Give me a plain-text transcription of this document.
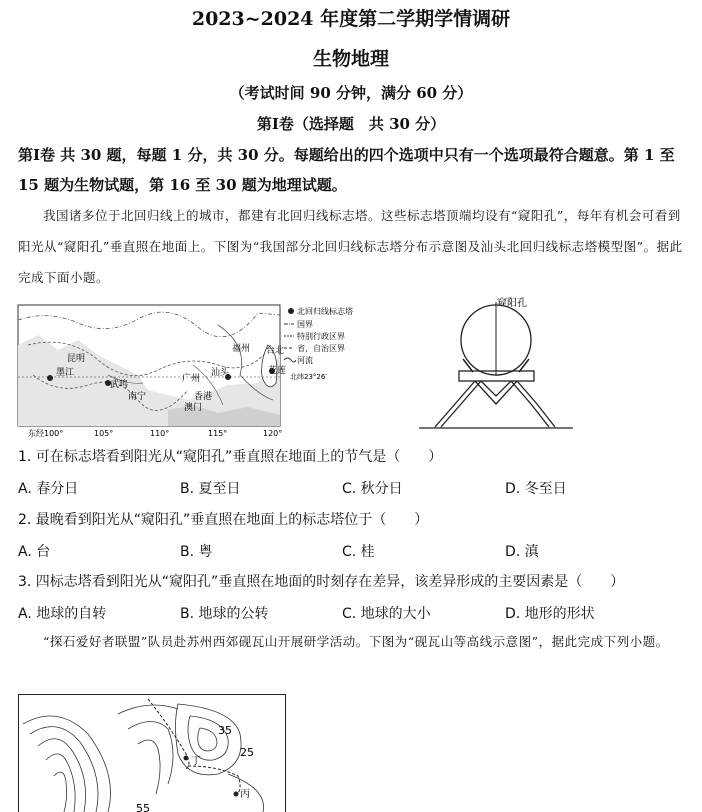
2023~2024 年度第二学期学情调研
生物地理
（考试时间 90 分钟，满分 60 分）
第Ⅰ卷（选择题　共 30 分）
第Ⅰ卷 共 30 题，每题 1 分，共 30 分。每题给出的四个选项中只有一个选项最符合题意。第 1 至 15 题为生物试题，第 16 至 30 题为地理试题。
我国诸多位于北回归线上的城市，都建有北回归线标志塔。这些标志塔顶端均设有“窥阳孔”，每年有机会可看到阳光从“窥阳孔”垂直照在地面上。下图为“我国部分北回归线标志塔分布示意图及汕头北回归线标志塔模型图”。据此完成下面小题。
昆明
墨江
南宁
武鸣
广州
汕头
福州 台北
花莲
香港
澳门
北纬23°26′
东经100°	105°	110°	115°	120°
北回归线标志塔
国界
特别行政区界
省、自治区界
河流
窥阳孔
1. 可在标志塔看到阳光从“窥阳孔”垂直照在地面上的节气是（　　）
A. 春分日	B. 夏至日	C. 秋分日	D. 冬至日
2. 最晚看到阳光从“窥阳孔”垂直照在地面上的标志塔位于（　　）
A. 台	B. 粤	C. 桂	D. 滇
3. 四标志塔看到阳光从“窥阳孔”垂直照在地面的时刻存在差异，该差异形成的主要因素是（　　）
A. 地球的自转	B. 地球的公转	C. 地球的大小	D. 地形的形状
“探石爱好者联盟”队员赴苏州西郊砚瓦山开展研学活动。下图为“砚瓦山等高线示意图”，据此完成下列小题。
35
25
55
丁
丙
